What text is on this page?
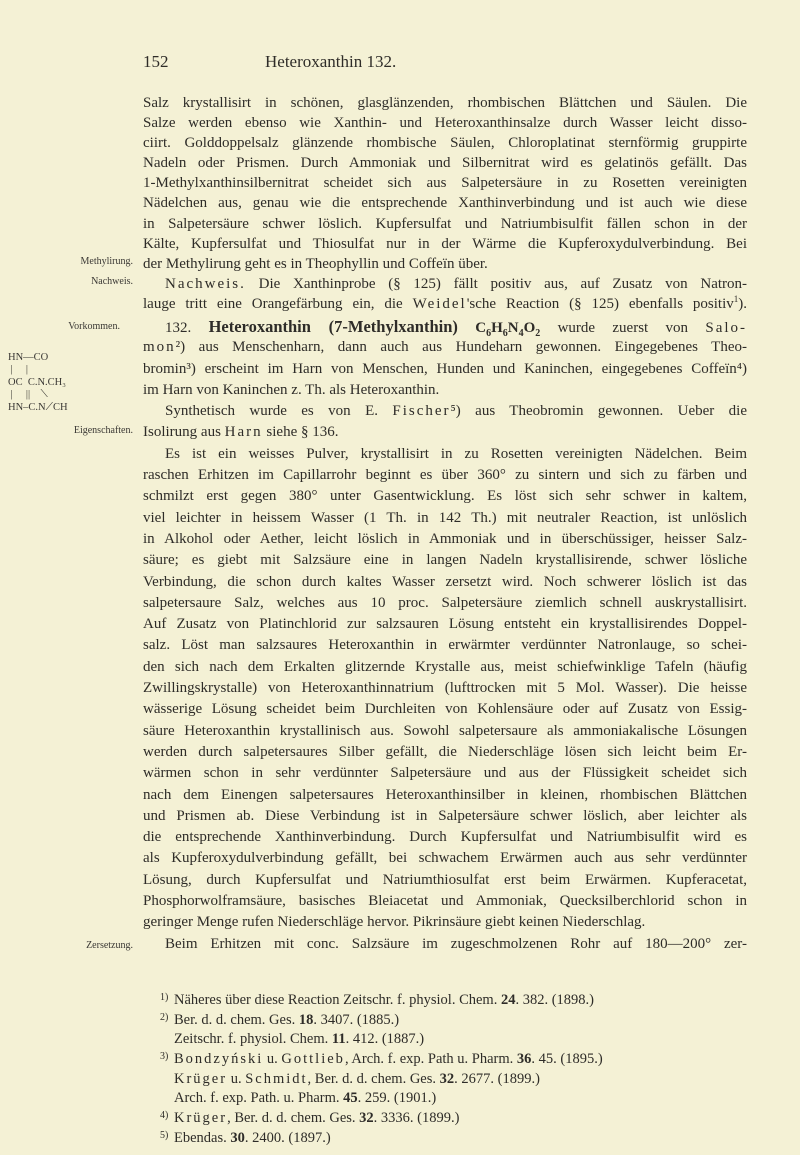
152	Heteroxanthin 132.
Methylirung.
Nachweis.
Vorkommen.
Eigenschaften.
Zersetzung.

HN—CO
|     |
OC  C.N.CH₃
|     ||    ⟍
HN–C.N⟋CH

Salz krystallisirt in schönen, glasglänzenden, rhombischen Blättchen und Säulen. Die
Salze werden ebenso wie Xanthin- und Heteroxanthinsalze durch Wasser leicht disso-
ciirt. Golddoppelsalz glänzende rhombische Säulen, Chloroplatinat sternförmig gruppirte
Nadeln oder Prismen. Durch Ammoniak und Silbernitrat wird es gelatinös gefällt. Das
1-Methylxanthinsilbernitrat scheidet sich aus Salpetersäure in zu Rosetten vereinigten
Nädelchen aus, genau wie die entsprechende Xanthinverbindung und ist auch wie diese
in Salpetersäure schwer löslich. Kupfersulfat und Natriumbisulfit fällen schon in der
Kälte, Kupfersulfat und Thiosulfat nur in der Wärme die Kupferoxydulverbindung. Bei
der Methylirung geht es in Theophyllin und Coffeïn über.
Nachweis. Die Xanthinprobe (§ 125) fällt positiv aus, auf Zusatz von Natron-
lauge tritt eine Orangefärbung ein, die Weidel'sche Reaction (§ 125) ebenfalls positiv$^1$).
132. Heteroxanthin (7-Methylxanthin) $C_6H_6N_4O_2$ wurde zuerst von Salo-
mon²) aus Menschenharn, dann auch aus Hundeharn gewonnen. Eingegebenes Theo-
bromin³) erscheint im Harn von Menschen, Hunden und Kaninchen, eingegebenes Coffeïn⁴)
im Harn von Kaninchen z. Th. als Heteroxanthin.
Synthetisch wurde es von E. Fischer⁵) aus Theobromin gewonnen. Ueber die
Isolirung aus Harn siehe § 136.
Es ist ein weisses Pulver, krystallisirt in zu Rosetten vereinigten Nädelchen. Beim
raschen Erhitzen im Capillarrohr beginnt es über 360° zu sintern und sich zu färben und
schmilzt erst gegen 380° unter Gasentwicklung. Es löst sich sehr schwer in kaltem,
viel leichter in heissem Wasser (1 Th. in 142 Th.) mit neutraler Reaction, ist unlöslich
in Alkohol oder Aether, leicht löslich in Ammoniak und in überschüssiger, heisser Salz-
säure; es giebt mit Salzsäure eine in langen Nadeln krystallisirende, schwer lösliche
Verbindung, die schon durch kaltes Wasser zersetzt wird. Noch schwerer löslich ist das
salpetersaure Salz, welches aus 10 proc. Salpetersäure ziemlich schnell auskrystallisirt.
Auf Zusatz von Platinchlorid zur salzsauren Lösung entsteht ein krystallisirendes Doppel-
salz. Löst man salzsaures Heteroxanthin in erwärmter verdünnter Natronlauge, so schei-
den sich nach dem Erkalten glitzernde Krystalle aus, meist schiefwinklige Tafeln (häufig
Zwillingskrystalle) von Heteroxanthinnatrium (lufttrocken mit 5 Mol. Wasser). Die heisse
wässerige Lösung scheidet beim Durchleiten von Kohlensäure oder auf Zusatz von Essig-
säure Heteroxanthin krystallinisch aus. Sowohl salpetersaure als ammoniakalische Lösungen
werden durch salpetersaures Silber gefällt, die Niederschläge lösen sich leicht beim Er-
wärmen schon in sehr verdünnter Salpetersäure und aus der Flüssigkeit scheidet sich
nach dem Einengen salpetersaures Heteroxanthinsilber in kleinen, rhombischen Blättchen
und Prismen ab. Diese Verbindung ist in Salpetersäure schwer löslich, aber leichter als
die entsprechende Xanthinverbindung. Durch Kupfersulfat und Natriumbisulfit wird es
als Kupferoxydulverbindung gefällt, bei schwachem Erwärmen auch aus sehr verdünnter
Lösung, durch Kupfersulfat und Natriumthiosulfat erst beim Erwärmen. Kupferacetat,
Phosphorwolframsäure, basisches Bleiacetat und Ammoniak, Quecksilberchlorid schon in
geringer Menge rufen Niederschläge hervor. Pikrinsäure giebt keinen Niederschlag.
Beim Erhitzen mit conc. Salzsäure im zugeschmolzenen Rohr auf 180—200° zer-
1) Näheres über diese Reaction Zeitschr. f. physiol. Chem. 24. 382. (1898.)
2) Ber. d. d. chem. Ges. 18. 3407. (1885.)
Zeitschr. f. physiol. Chem. 11. 412. (1887.)
3) Bondzyński u. Gottlieb, Arch. f. exp. Path u. Pharm. 36. 45. (1895.)
Krüger u. Schmidt, Ber. d. d. chem. Ges. 32. 2677. (1899.)
Arch. f. exp. Path. u. Pharm. 45. 259. (1901.)
4) Krüger, Ber. d. d. chem. Ges. 32. 3336. (1899.)
5) Ebendas. 30. 2400. (1897.)
